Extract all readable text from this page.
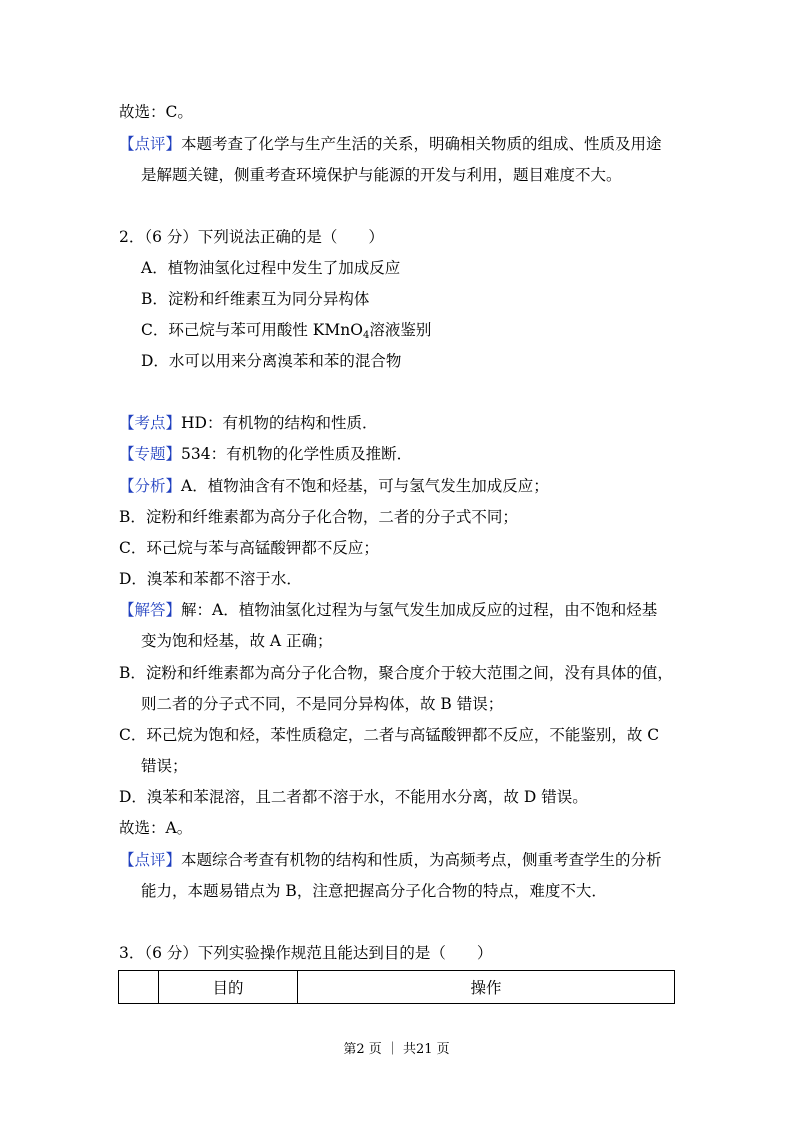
故选：C。
【点评】本题考查了化学与生产生活的关系，明确相关物质的组成、性质及用途
是解题关键，侧重考查环境保护与能源的开发与利用，题目难度不大。
2．（6 分）下列说法正确的是（　　）
A．植物油氢化过程中发生了加成反应
B．淀粉和纤维素互为同分异构体
C．环己烷与苯可用酸性 KMnO$_4$溶液鉴别
D．水可以用来分离溴苯和苯的混合物
【考点】HD：有机物的结构和性质．
【专题】534：有机物的化学性质及推断．
【分析】A．植物油含有不饱和烃基，可与氢气发生加成反应；
B．淀粉和纤维素都为高分子化合物，二者的分子式不同；
C．环己烷与苯与高锰酸钾都不反应；
D．溴苯和苯都不溶于水．
【解答】解：A．植物油氢化过程为与氢气发生加成反应的过程，由不饱和烃基
变为饱和烃基，故 A 正确；
B．淀粉和纤维素都为高分子化合物，聚合度介于较大范围之间，没有具体的值，
则二者的分子式不同，不是同分异构体，故 B 错误；
C．环己烷为饱和烃，苯性质稳定，二者与高锰酸钾都不反应，不能鉴别，故 C
错误；
D．溴苯和苯混溶，且二者都不溶于水，不能用水分离，故 D 错误。
故选：A。
【点评】本题综合考查有机物的结构和性质，为高频考点，侧重考查学生的分析
能力，本题易错点为 B，注意把握高分子化合物的特点，难度不大．
3．（6 分）下列实验操作规范且能达到目的是（　　）
	目的	操作
第2 页 ｜ 共21 页
